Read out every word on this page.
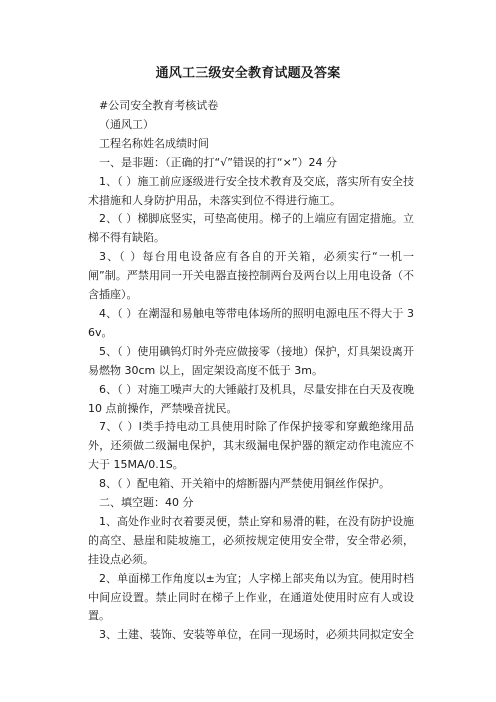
通风工三级安全教育试题及答案

#公司安全教育考核试卷

（通风工）

工程名称姓名成绩时间

一、是非题：（正确的打“√”错误的打“×”）24 分

1、（ ）施工前应逐级进行安全技术教育及交底，落实所有安全技术措施和人身防护用品，未落实到位不得进行施工。

2、（ ）梯脚底竖实，可垫高使用。梯子的上端应有固定措施。立梯不得有缺陷。

3、（ ）每台用电设备应有各自的开关箱，必须实行“一机一闸”制。严禁用同一开关电器直接控制两台及两台以上用电设备（不含插座）。

4、（ ）在潮湿和易触电等带电体场所的照明电源电压不得大于 36v。

5、（ ）使用碘钨灯时外壳应做接零（接地）保护，灯具架设离开易燃物 30cm 以上，固定架设高度不低于 3m。

6、（ ）对施工噪声大的大锤敲打及机具，尽量安排在白天及夜晚 10 点前操作，严禁噪音扰民。

7、（ ）Ⅰ类手持电动工具使用时除了作保护接零和穿戴绝缘用品外，还须做二级漏电保护，其末级漏电保护器的额定动作电流应不大于 15MA/0.1S。

8、（ ）配电箱、开关箱中的熔断器内严禁使用铜丝作保护。

二、填空题：40 分

1、高处作业时衣着要灵便，禁止穿和易滑的鞋，在没有防护设施的高空、悬崖和陡坡施工，必须按规定使用安全带，安全带必须，挂设点必须。

2、单面梯工作角度以±为宜；人字梯上部夹角以为宜。使用时档中间应设置。禁止同时在梯子上作业，在通道处使用时应有人或设置。

3、土建、装饰、安装等单位，在同一现场时，必须共同拟定安全
